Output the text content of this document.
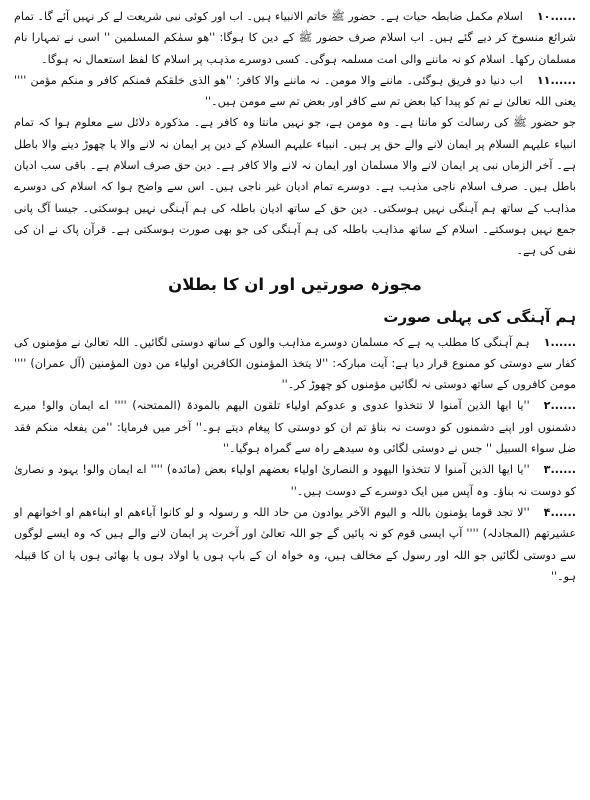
۱۰......اسلام مکمل ضابطہ حیات ہے۔ حضور ﷺ خاتم الانبیاء ہیں۔ اب اور کوئی نبی شریعت لے کر نہیں آئے گا۔ تمام شرائع منسوخ کر دیے گئے ہیں۔ اب اسلام صرف حضور ﷺ کے دین کا ہوگا: ''ھو سمٰکم المسلمین '' اسی نے تمہارا نام مسلمان رکھا۔ اسلام کو نہ ماننے والی امت مسلمہ ہوگی۔ کسی دوسرے مذہب پر اسلام کا لفظ استعمال نہ ہوگا۔

۱۱......اب دنیا دو فریق ہوگئی۔ ماننے والا مومن۔ نہ ماننے والا کافر: ''ھو الذی خلقکم فمنکم کافر و منکم مؤمن '''' یعنی اللہ تعالیٰ نے تم کو پیدا کیا بعض تم سے کافر اور بعض تم سے مومن ہیں۔''

جو حضور ﷺ کی رسالت کو مانتا ہے۔ وہ مومن ہے، جو نہیں مانتا وہ کافر ہے۔ مذکورہ دلائل سے معلوم ہوا کہ تمام انبیاء علیہم السلام پر ایمان لانے والے حق پر ہیں۔ انبیاء علیہم السلام کے دین پر ایمان نہ لانے والا یا چھوڑ دینے والا باطل ہے۔ آخر الزماں نبی پر ایمان لانے والا مسلمان اور ایمان نہ لانے والا کافر ہے۔ دین حق صرف اسلام ہے۔ باقی سب ادیان باطل ہیں۔ صرف اسلام ناجی مذہب ہے۔ دوسرے تمام ادیان غیر ناجی ہیں۔ اس سے واضح ہوا کہ اسلام کی دوسرے مذاہب کے ساتھ ہم آہنگی نہیں ہوسکتی۔ دین حق کے ساتھ ادیان باطلہ کی ہم آہنگی نہیں ہوسکتی۔ جیسا آگ پانی جمع نہیں ہوسکتے۔ اسلام کے ساتھ مذاہب باطلہ کی ہم آہنگی کی جو بھی صورت ہوسکتی ہے۔ قرآن پاک نے ان کی نفی کی ہے۔

مجوزہ صورتیں اور ان کا بطلان
ہم آہنگی کی پہلی صورت

۱......ہم آہنگی کا مطلب یہ ہے کہ مسلمان دوسرے مذاہب والوں کے ساتھ دوستی لگائیں۔ اللہ تعالیٰ نے مؤمنوں کی کفار سے دوستی کو ممنوع قرار دیا ہے: آیت مبارکہ: ''لا یتخذ المؤمنون الکافرین اولیاء من دون المؤمنین (آل عمران) '''' مومن کافروں کے ساتھ دوستی نہ لگائیں مؤمنوں کو چھوڑ کر۔''

۲......''یا ایھا الذین آمنوا لا تتخذوا عدوی و عدوکم اولیاء تلقون الیھم بالمودۃ (الممتحنہ) '''' اے ایمان والو! میرے دشمنوں اور اپنے دشمنوں کو دوست نہ بناؤ تم ان کو دوستی کا پیغام دیتے ہو۔'' آخر میں فرمایا: ''من یفعلہ منکم فقد ضل سواء السبیل '' جس نے دوستی لگائی وہ سیدھے راہ سے گمراہ ہوگیا۔''

۳......''یا ایھا الذین آمنوا لا تتخذوا الیھود و النصاریٰ اولیاء بعضھم اولیاء بعض (مائدہ) '''' اے ایمان والو! یہود و نصاریٰ کو دوست نہ بناؤ۔ وہ آپس میں ایک دوسرے کے دوست ہیں۔''

۴......''لا تجد قوما یؤمنون باللہ و الیوم الآخر یوادون من حاد اللہ و رسولہ و لو کانوا آباءھم او ابناءھم او اخوانھم او عشیرتھم (المجادلہ) '''' آپ ایسی قوم کو نہ پائیں گے جو اللہ تعالیٰ اور آخرت پر ایمان لانے والے ہیں کہ وہ ایسے لوگوں سے دوستی لگائیں جو اللہ اور رسول کے مخالف ہیں، وہ خواہ ان کے باپ ہوں یا اولاد ہوں یا بھائی ہوں یا ان کا قبیلہ ہو۔''
